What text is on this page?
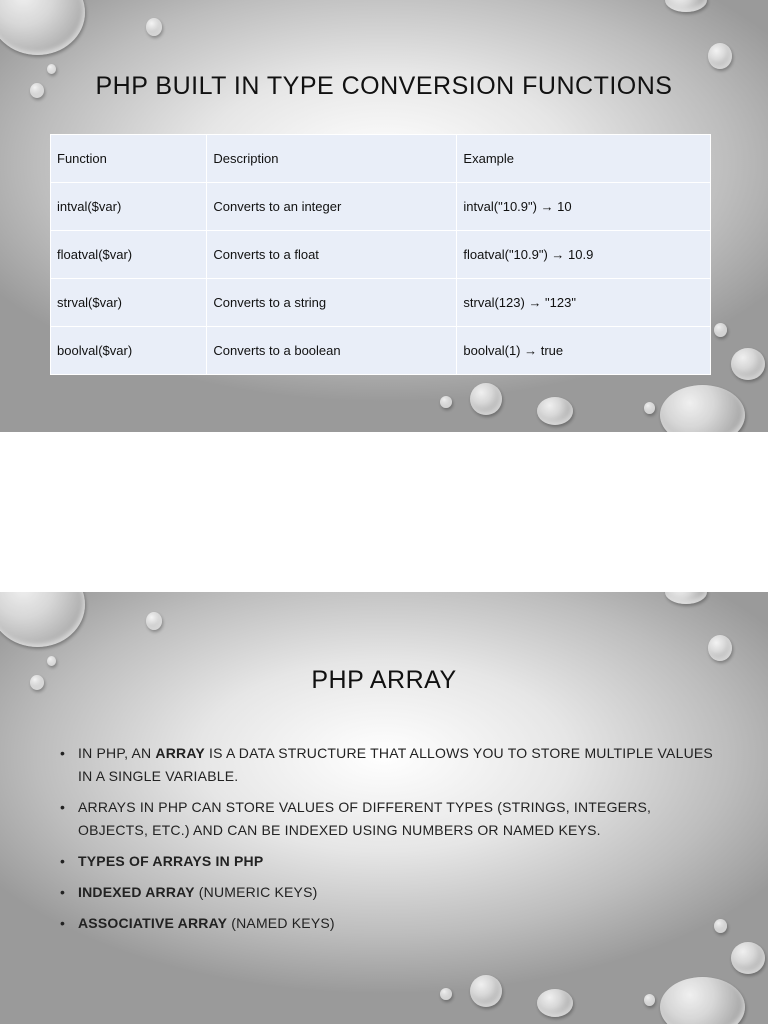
PHP BUILT IN TYPE CONVERSION FUNCTIONS
Function	Description	Example
intval($var)	Converts to an integer	intval("10.9") → 10
floatval($var)	Converts to a float	floatval("10.9") → 10.9
strval($var)	Converts to a string	strval(123) → "123"
boolval($var)	Converts to a boolean	boolval(1) → true
PHP ARRAY
• IN PHP, AN ARRAY IS A DATA STRUCTURE THAT ALLOWS YOU TO STORE MULTIPLE VALUES IN A SINGLE VARIABLE.
• ARRAYS IN PHP CAN STORE VALUES OF DIFFERENT TYPES (STRINGS, INTEGERS, OBJECTS, ETC.) AND CAN BE INDEXED USING NUMBERS OR NAMED KEYS.
• TYPES OF ARRAYS IN PHP
• INDEXED ARRAY (NUMERIC KEYS)
• ASSOCIATIVE ARRAY (NAMED KEYS)
